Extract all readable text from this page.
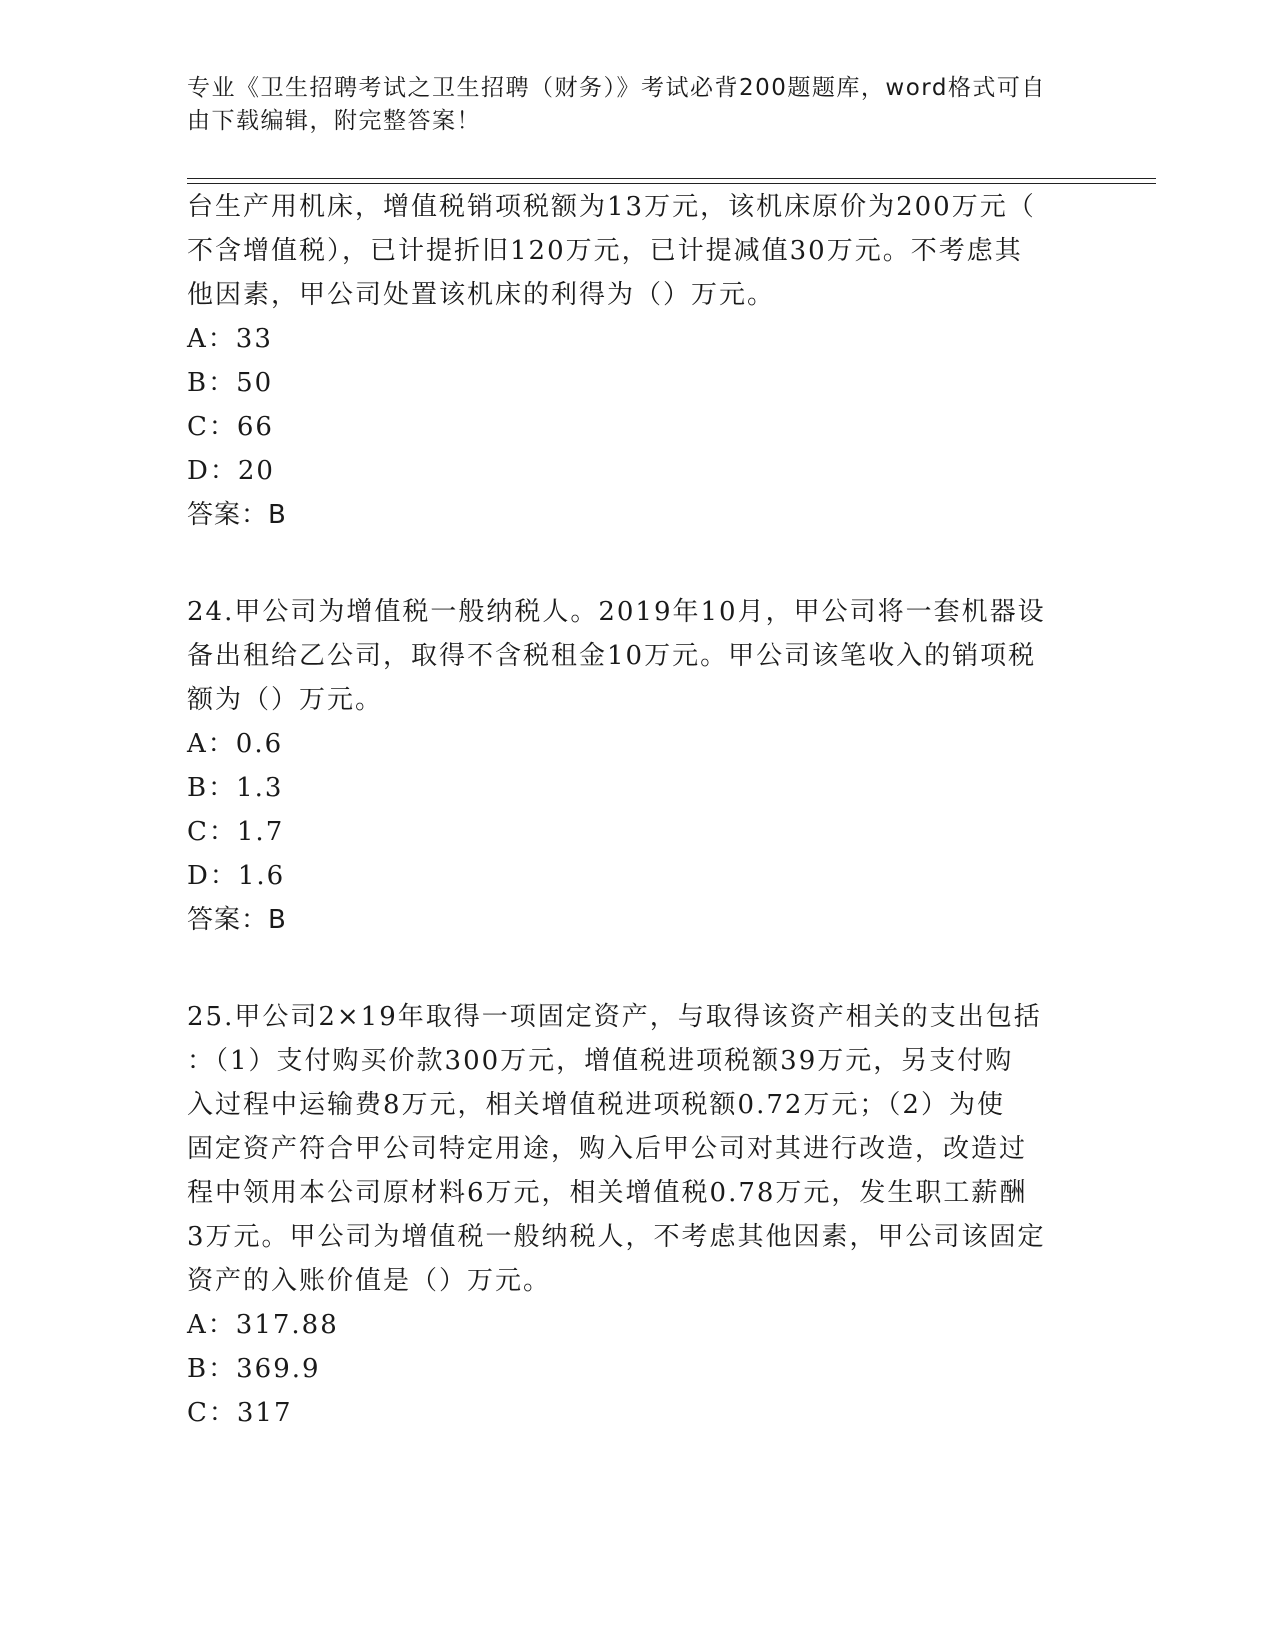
专业《卫生招聘考试之卫生招聘（财务）》考试必背200题题库，word格式可自
由下载编辑，附完整答案！
台生产用机床，增值税销项税额为13万元，该机床原价为200万元（
不含增值税），已计提折旧120万元，已计提减值30万元。不考虑其
他因素，甲公司处置该机床的利得为（）万元。
A：33
B：50
C：66
D：20
答案：B
24.甲公司为增值税一般纳税人。2019年10月，甲公司将一套机器设
备出租给乙公司，取得不含税租金10万元。甲公司该笔收入的销项税
额为（）万元。
A：0.6
B：1.3
C：1.7
D：1.6
答案：B
25.甲公司2×19年取得一项固定资产，与取得该资产相关的支出包括
：（1）支付购买价款300万元，增值税进项税额39万元，另支付购
入过程中运输费8万元，相关增值税进项税额0.72万元；（2）为使
固定资产符合甲公司特定用途，购入后甲公司对其进行改造，改造过
程中领用本公司原材料6万元，相关增值税0.78万元，发生职工薪酬
3万元。甲公司为增值税一般纳税人，不考虑其他因素，甲公司该固定
资产的入账价值是（）万元。
A：317.88
B：369.9
C：317
